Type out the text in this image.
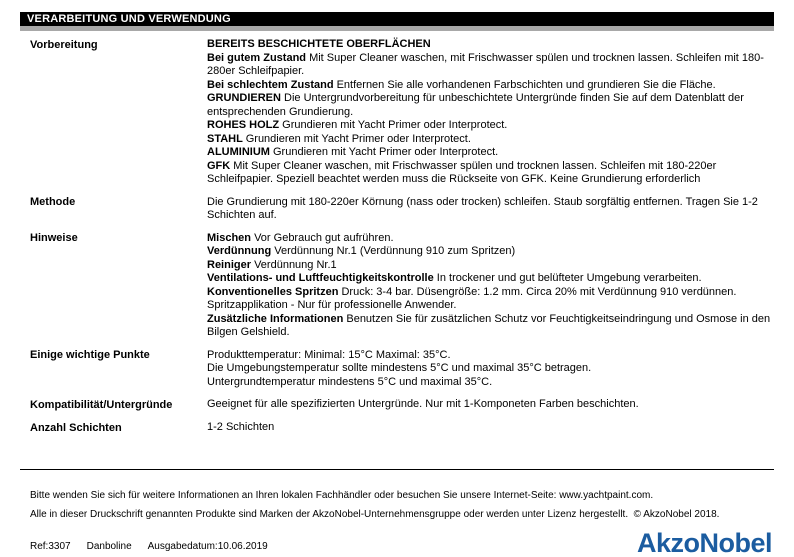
VERARBEITUNG UND VERWENDUNG
Vorbereitung	BEREITS BESCHICHTETE OBERFLÄCHEN

Bei gutem Zustand Mit Super Cleaner waschen, mit Frischwasser spülen und trocknen lassen. Schleifen mit 180-280er Schleifpapier.

Bei schlechtem Zustand Entfernen Sie alle vorhandenen Farbschichten und grundieren Sie die Fläche.

GRUNDIEREN Die Untergrundvorbereitung für unbeschichtete Untergründe finden Sie auf dem Datenblatt der entsprechenden Grundierung.

ROHES HOLZ Grundieren mit Yacht Primer oder Interprotect.

STAHL Grundieren mit Yacht Primer oder Interprotect.

ALUMINIUM Grundieren mit Yacht Primer oder Interprotect.

GFK Mit Super Cleaner waschen, mit Frischwasser spülen und trocknen lassen. Schleifen mit 180-220er Schleifpapier. Speziell beachtet werden muss die Rückseite von GFK. Keine Grundierung erforderlich

Methode	Die Grundierung mit 180-220er Körnung (nass oder trocken) schleifen. Staub sorgfältig entfernen. Tragen Sie 1-2 Schichten auf.

Hinweise	Mischen Vor Gebrauch gut aufrühren.

Verdünnung Verdünnung Nr.1 (Verdünnung 910 zum Spritzen)

Reiniger Verdünnung Nr.1

Ventilations- und Luftfeuchtigkeitskontrolle In trockener und gut belüfteter Umgebung verarbeiten.

Konventionelles Spritzen Druck: 3-4 bar. Düsengröße: 1.2 mm. Circa 20% mit Verdünnung 910 verdünnen. Spritzapplikation - Nur für professionelle Anwender.

Zusätzliche Informationen Benutzen Sie für zusätzlichen Schutz vor Feuchtigkeitseindringung und Osmose in den Bilgen Gelshield.

Einige wichtige Punkte	Produkttemperatur: Minimal: 15°C Maximal: 35°C.

Die Umgebungstemperatur sollte mindestens 5°C und maximal 35°C betragen.

Untergrundtemperatur mindestens 5°C und maximal 35°C.

Kompatibilität/Untergründe	Geeignet für alle spezifizierten Untergründe. Nur mit 1-Komponeten Farben beschichten.

Anzahl Schichten	1-2 Schichten

Bitte wenden Sie sich für weitere Informationen an Ihren lokalen Fachhändler oder besuchen Sie unsere Internet-Seite: www.yachtpaint.com.

Alle in dieser Druckschrift genannten Produkte sind Marken der AkzoNobel-Unternehmensgruppe oder werden unter Lizenz hergestellt.  © AkzoNobel 2018.

Ref:3307 Danboline Ausgabedatum:10.06.2019	AkzoNobel
